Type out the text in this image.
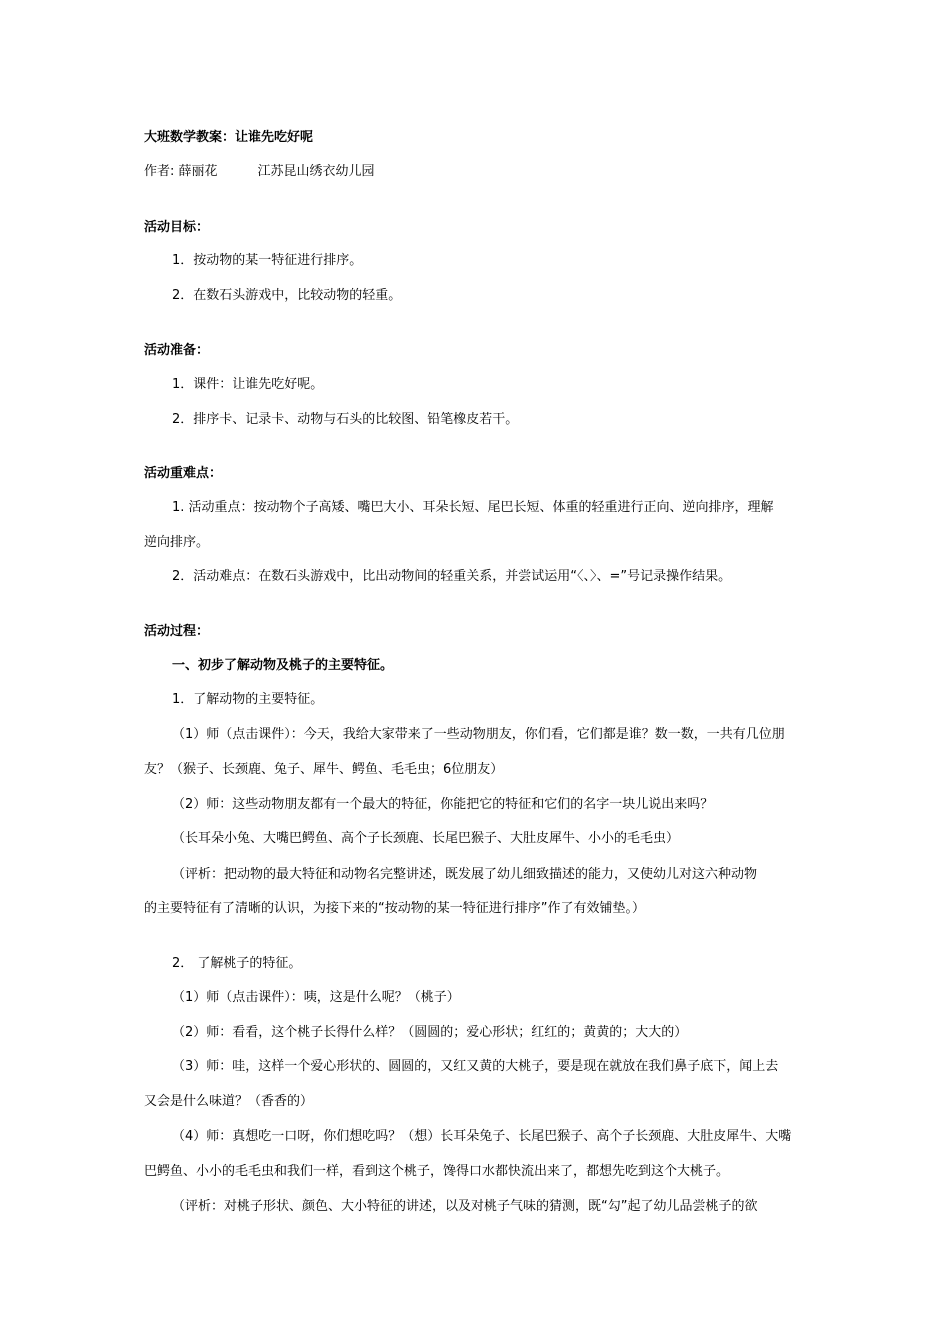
大班数学教案：让谁先吃好呢
作者: 薛丽花	江苏昆山绣衣幼儿园
活动目标：
1．按动物的某一特征进行排序。
2．在数石头游戏中，比较动物的轻重。
活动准备：
1．课件：让谁先吃好呢。
2．排序卡、记录卡、动物与石头的比较图、铅笔橡皮若干。
活动重难点：
1. 活动重点：按动物个子高矮、嘴巴大小、耳朵长短、尾巴长短、体重的轻重进行正向、逆向排序，理解
逆向排序。
2．活动难点：在数石头游戏中，比出动物间的轻重关系，并尝试运用“〈、〉、=”号记录操作结果。
活动过程：
一、初步了解动物及桃子的主要特征。
1．了解动物的主要特征。
（1）师（点击课件）：今天，我给大家带来了一些动物朋友，你们看，它们都是谁？数一数，一共有几位朋
友？（猴子、长颈鹿、兔子、犀牛、鳄鱼、毛毛虫；6位朋友）
（2）师：这些动物朋友都有一个最大的特征，你能把它的特征和它们的名字一块儿说出来吗？
（长耳朵小兔、大嘴巴鳄鱼、高个子长颈鹿、长尾巴猴子、大肚皮犀牛、小小的毛毛虫）
（评析：把动物的最大特征和动物名完整讲述，既发展了幼儿细致描述的能力，又使幼儿对这六种动物
的主要特征有了清晰的认识，为接下来的“按动物的某一特征进行排序”作了有效铺垫。）
2． 了解桃子的特征。
（1）师（点击课件）：咦，这是什么呢？（桃子）
（2）师：看看，这个桃子长得什么样？（圆圆的；爱心形状；红红的；黄黄的；大大的）
（3）师：哇，这样一个爱心形状的、圆圆的，又红又黄的大桃子，要是现在就放在我们鼻子底下，闻上去
又会是什么味道？（香香的）
（4）师：真想吃一口呀，你们想吃吗？（想）长耳朵兔子、长尾巴猴子、高个子长颈鹿、大肚皮犀牛、大嘴
巴鳄鱼、小小的毛毛虫和我们一样，看到这个桃子，馋得口水都快流出来了，都想先吃到这个大桃子。
（评析：对桃子形状、颜色、大小特征的讲述，以及对桃子气味的猜测，既“勾”起了幼儿品尝桃子的欲
